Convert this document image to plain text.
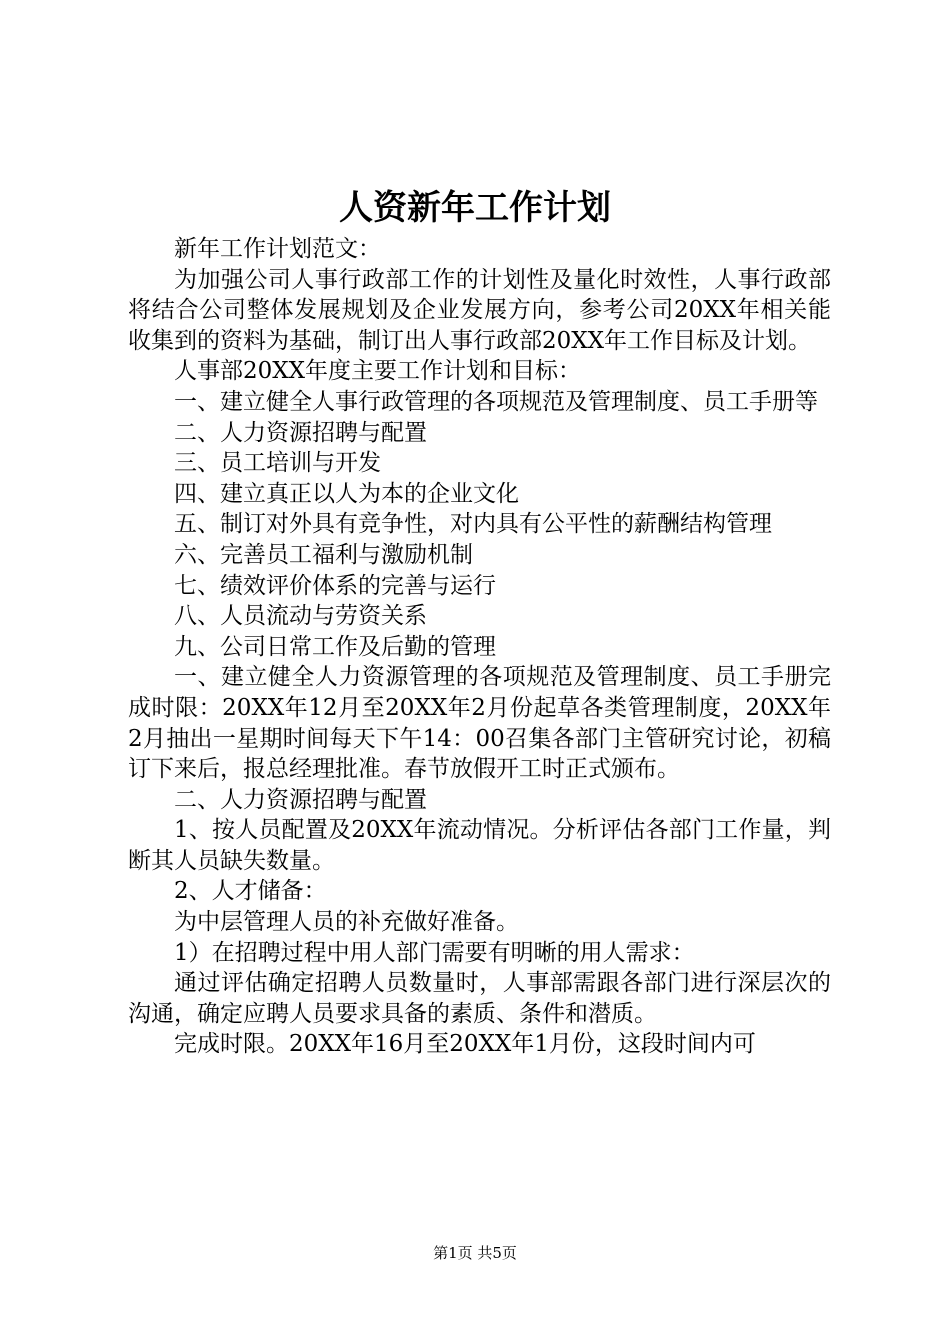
人资新年工作计划

新年工作计划范文：

为加强公司人事行政部工作的计划性及量化时效性，人事行政部将结合公司整体发展规划及企业发展方向，参考公司20XX年相关能收集到的资料为基础，制订出人事行政部20XX年工作目标及计划。

人事部20XX年度主要工作计划和目标：

一、建立健全人事行政管理的各项规范及管理制度、员工手册等

二、人力资源招聘与配置

三、员工培训与开发

四、建立真正以人为本的企业文化

五、制订对外具有竞争性，对内具有公平性的薪酬结构管理

六、完善员工福利与激励机制

七、绩效评价体系的完善与运行

八、人员流动与劳资关系

九、公司日常工作及后勤的管理

一、建立健全人力资源管理的各项规范及管理制度、员工手册完成时限：20XX年12月至20XX年2月份起草各类管理制度，20XX年2月抽出一星期时间每天下午14：00召集各部门主管研究讨论，初稿订下来后，报总经理批准。春节放假开工时正式颁布。

二、人力资源招聘与配置

1、按人员配置及20XX年流动情况。分析评估各部门工作量，判断其人员缺失数量。

2、人才储备：

为中层管理人员的补充做好准备。

1）在招聘过程中用人部门需要有明晰的用人需求：

通过评估确定招聘人员数量时，人事部需跟各部门进行深层次的沟通，确定应聘人员要求具备的素质、条件和潜质。

完成时限。20XX年16月至20XX年1月份，这段时间内可

第1页 共5页
